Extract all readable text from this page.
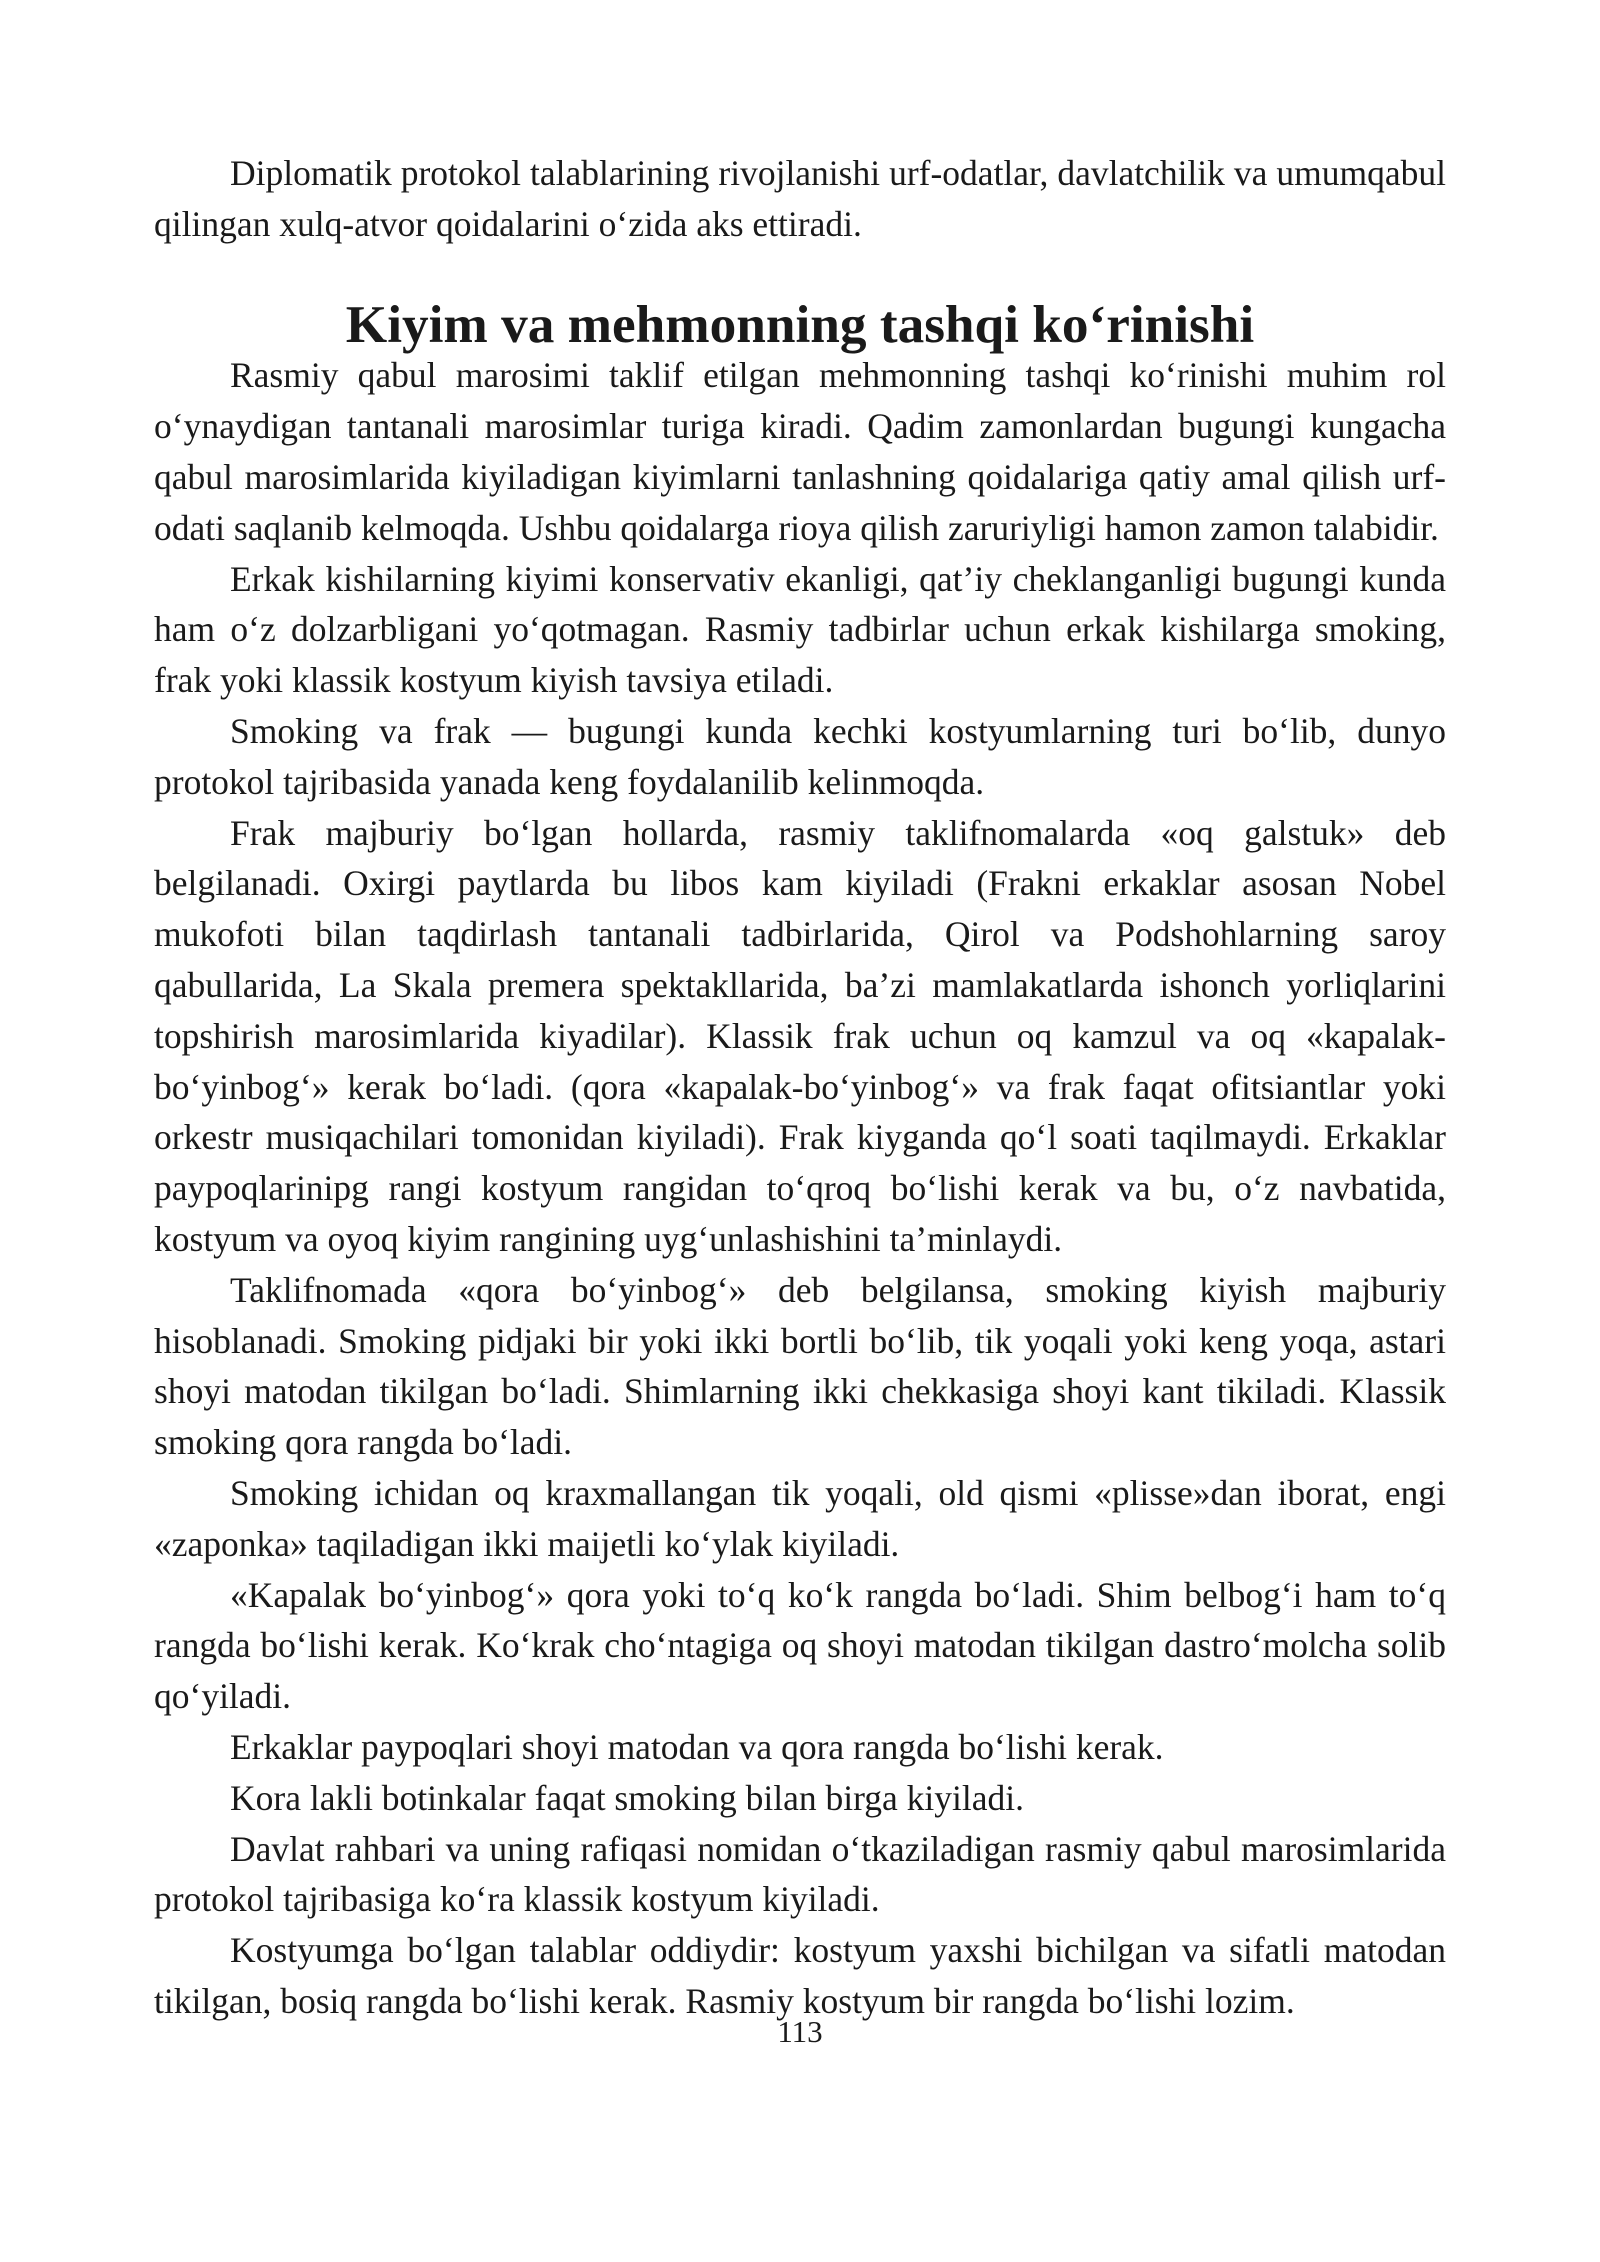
Diplomatik protokol talablarining rivojlanishi urf-odatlar, davlatchilik va umumqabul qilingan xulq-atvor qoidalarini o‘zida aks ettiradi.

Kiyim va mehmonning tashqi ko‘rinishi

Rasmiy qabul marosimi taklif etilgan mehmonning tashqi ko‘rinishi muhim rol o‘ynaydigan tantanali marosimlar turiga kiradi. Qadim zamonlardan bugungi kungacha qabul marosimlarida kiyiladigan kiyimlarni tanlashning qoidalariga qatiy amal qilish urf-odati saqlanib kelmoqda. Ushbu qoidalarga rioya qilish zaruriyligi hamon zamon talabidir.

Erkak kishilarning kiyimi konservativ ekanligi, qat’iy cheklanganligi bugungi kunda ham o‘z dolzarbligani yo‘qotmagan. Rasmiy tadbirlar uchun erkak kishilarga smoking, frak yoki klassik kostyum kiyish tavsiya etiladi.

Smoking va frak — bugungi kunda kechki kostyumlarning turi bo‘lib, dunyo protokol tajribasida yanada keng foydalanilib kelinmoqda.

Frak majburiy bo‘lgan hollarda, rasmiy taklifnomalarda «oq galstuk» deb belgilanadi. Oxirgi paytlarda bu libos kam kiyiladi (Frakni erkaklar asosan Nobel mukofoti bilan taqdirlash tantanali tadbirlarida, Qirol va Podshohlarning saroy qabullarida, La Skala premera spektakllarida, ba’zi mamlakatlarda ishonch yorliqlarini topshirish marosimlarida kiyadilar). Klassik frak uchun oq kamzul va oq «kapalak-bo‘yinbog‘» kerak bo‘ladi. (qora «kapalak-bo‘yinbog‘» va frak faqat ofitsiantlar yoki orkestr musiqachilari tomonidan kiyiladi). Frak kiyganda qo‘l soati taqilmaydi. Erkaklar paypoqlarinipg rangi kostyum rangidan to‘qroq bo‘lishi kerak va bu, o‘z navbatida, kostyum va oyoq kiyim rangining uyg‘unlashishini ta’minlaydi.

Taklifnomada «qora bo‘yinbog‘» deb belgilansa, smoking kiyish majburiy hisoblanadi. Smoking pidjaki bir yoki ikki bortli bo‘lib, tik yoqali yoki keng yoqa, astari shoyi matodan tikilgan bo‘ladi. Shimlarning ikki chekkasiga shoyi kant tikiladi. Klassik smoking qora rangda bo‘ladi.

Smoking ichidan oq kraxmallangan tik yoqali, old qismi «plisse»dan iborat, engi «zaponka» taqiladigan ikki maijetli ko‘ylak kiyiladi.

«Kapalak bo‘yinbog‘» qora yoki to‘q ko‘k rangda bo‘ladi. Shim belbog‘i ham to‘q rangda bo‘lishi kerak. Ko‘krak cho‘ntagiga oq shoyi matodan tikilgan dastro‘molcha solib qo‘yiladi.

Erkaklar paypoqlari shoyi matodan va qora rangda bo‘lishi kerak.

Kora lakli botinkalar faqat smoking bilan birga kiyiladi.

Davlat rahbari va uning rafiqasi nomidan o‘tkaziladigan rasmiy qabul marosimlarida protokol tajribasiga ko‘ra klassik kostyum kiyiladi.

Kostyumga bo‘lgan talablar oddiydir: kostyum yaxshi bichilgan va sifatli matodan tikilgan, bosiq rangda bo‘lishi kerak. Rasmiy kostyum bir rangda bo‘lishi lozim.

113
